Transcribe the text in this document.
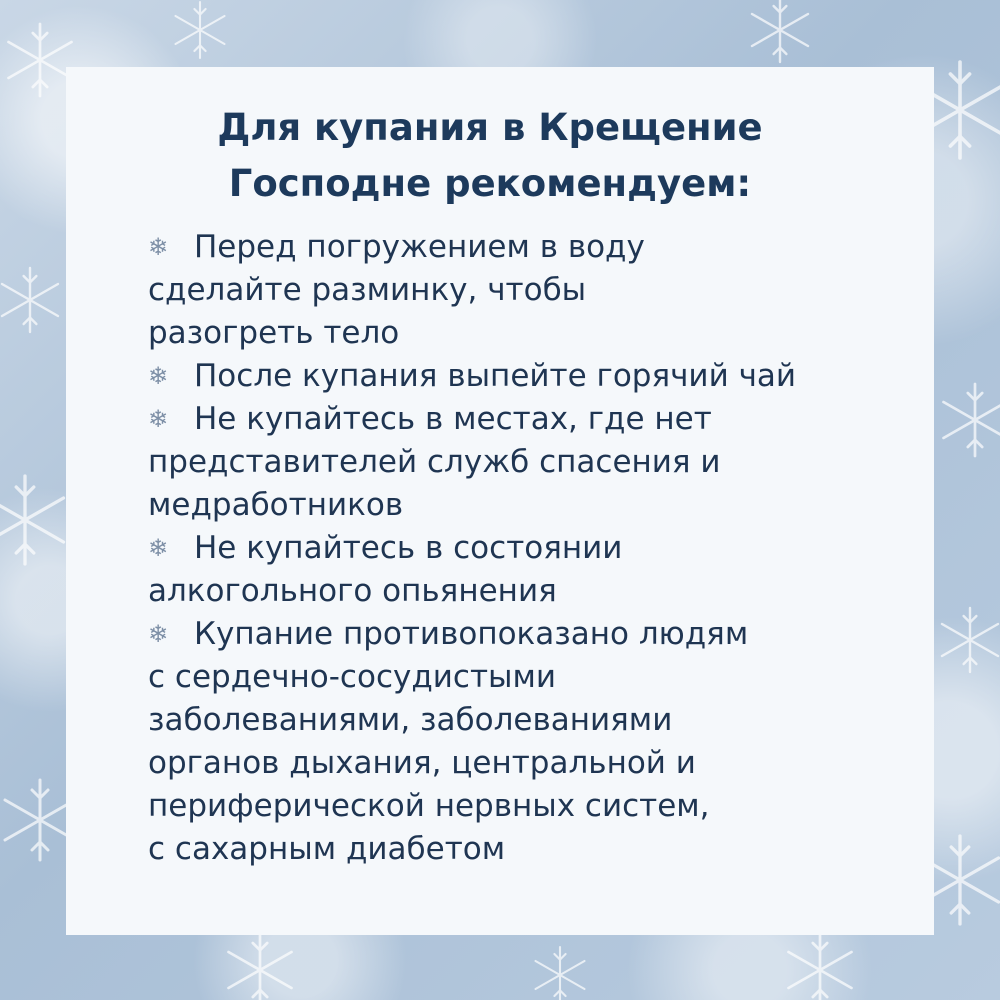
Для купания в Крещение
Господне рекомендуем:
❄ Перед погружением в воду
сделайте разминку, чтобы
разогреть тело
❄ После купания выпейте горячий чай
❄ Не купайтесь в местах, где нет
представителей служб спасения и
медработников
❄ Не купайтесь в состоянии
алкогольного опьянения
❄ Купание противопоказано людям
с сердечно-сосудистыми
заболеваниями, заболеваниями
органов дыхания, центральной и
периферической нервных систем,
с сахарным диабетом
